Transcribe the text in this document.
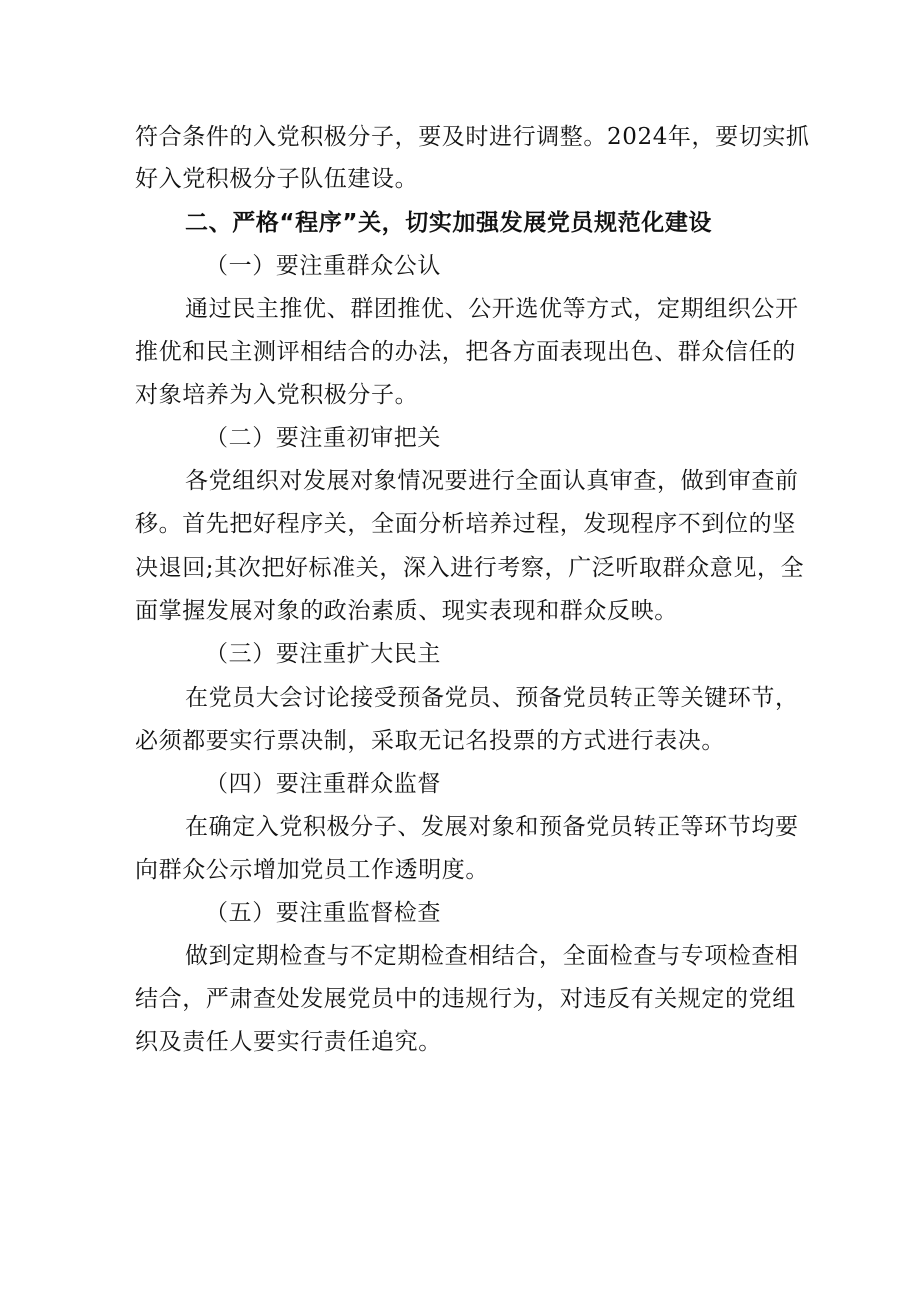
符合条件的入党积极分子，要及时进行调整。2024年，要切实抓
好入党积极分子队伍建设。
二、严格“程序”关，切实加强发展党员规范化建设
（一）要注重群众公认
通过民主推优、群团推优、公开选优等方式，定期组织公开
推优和民主测评相结合的办法，把各方面表现出色、群众信任的
对象培养为入党积极分子。
（二）要注重初审把关
各党组织对发展对象情况要进行全面认真审查，做到审查前
移。首先把好程序关，全面分析培养过程，发现程序不到位的坚
决退回;其次把好标准关，深入进行考察，广泛听取群众意见，全
面掌握发展对象的政治素质、现实表现和群众反映。
（三）要注重扩大民主
在党员大会讨论接受预备党员、预备党员转正等关键环节，
必须都要实行票决制，采取无记名投票的方式进行表决。
（四）要注重群众监督
在确定入党积极分子、发展对象和预备党员转正等环节均要
向群众公示增加党员工作透明度。
（五）要注重监督检查
做到定期检查与不定期检查相结合，全面检查与专项检查相
结合，严肃查处发展党员中的违规行为，对违反有关规定的党组
织及责任人要实行责任追究。
